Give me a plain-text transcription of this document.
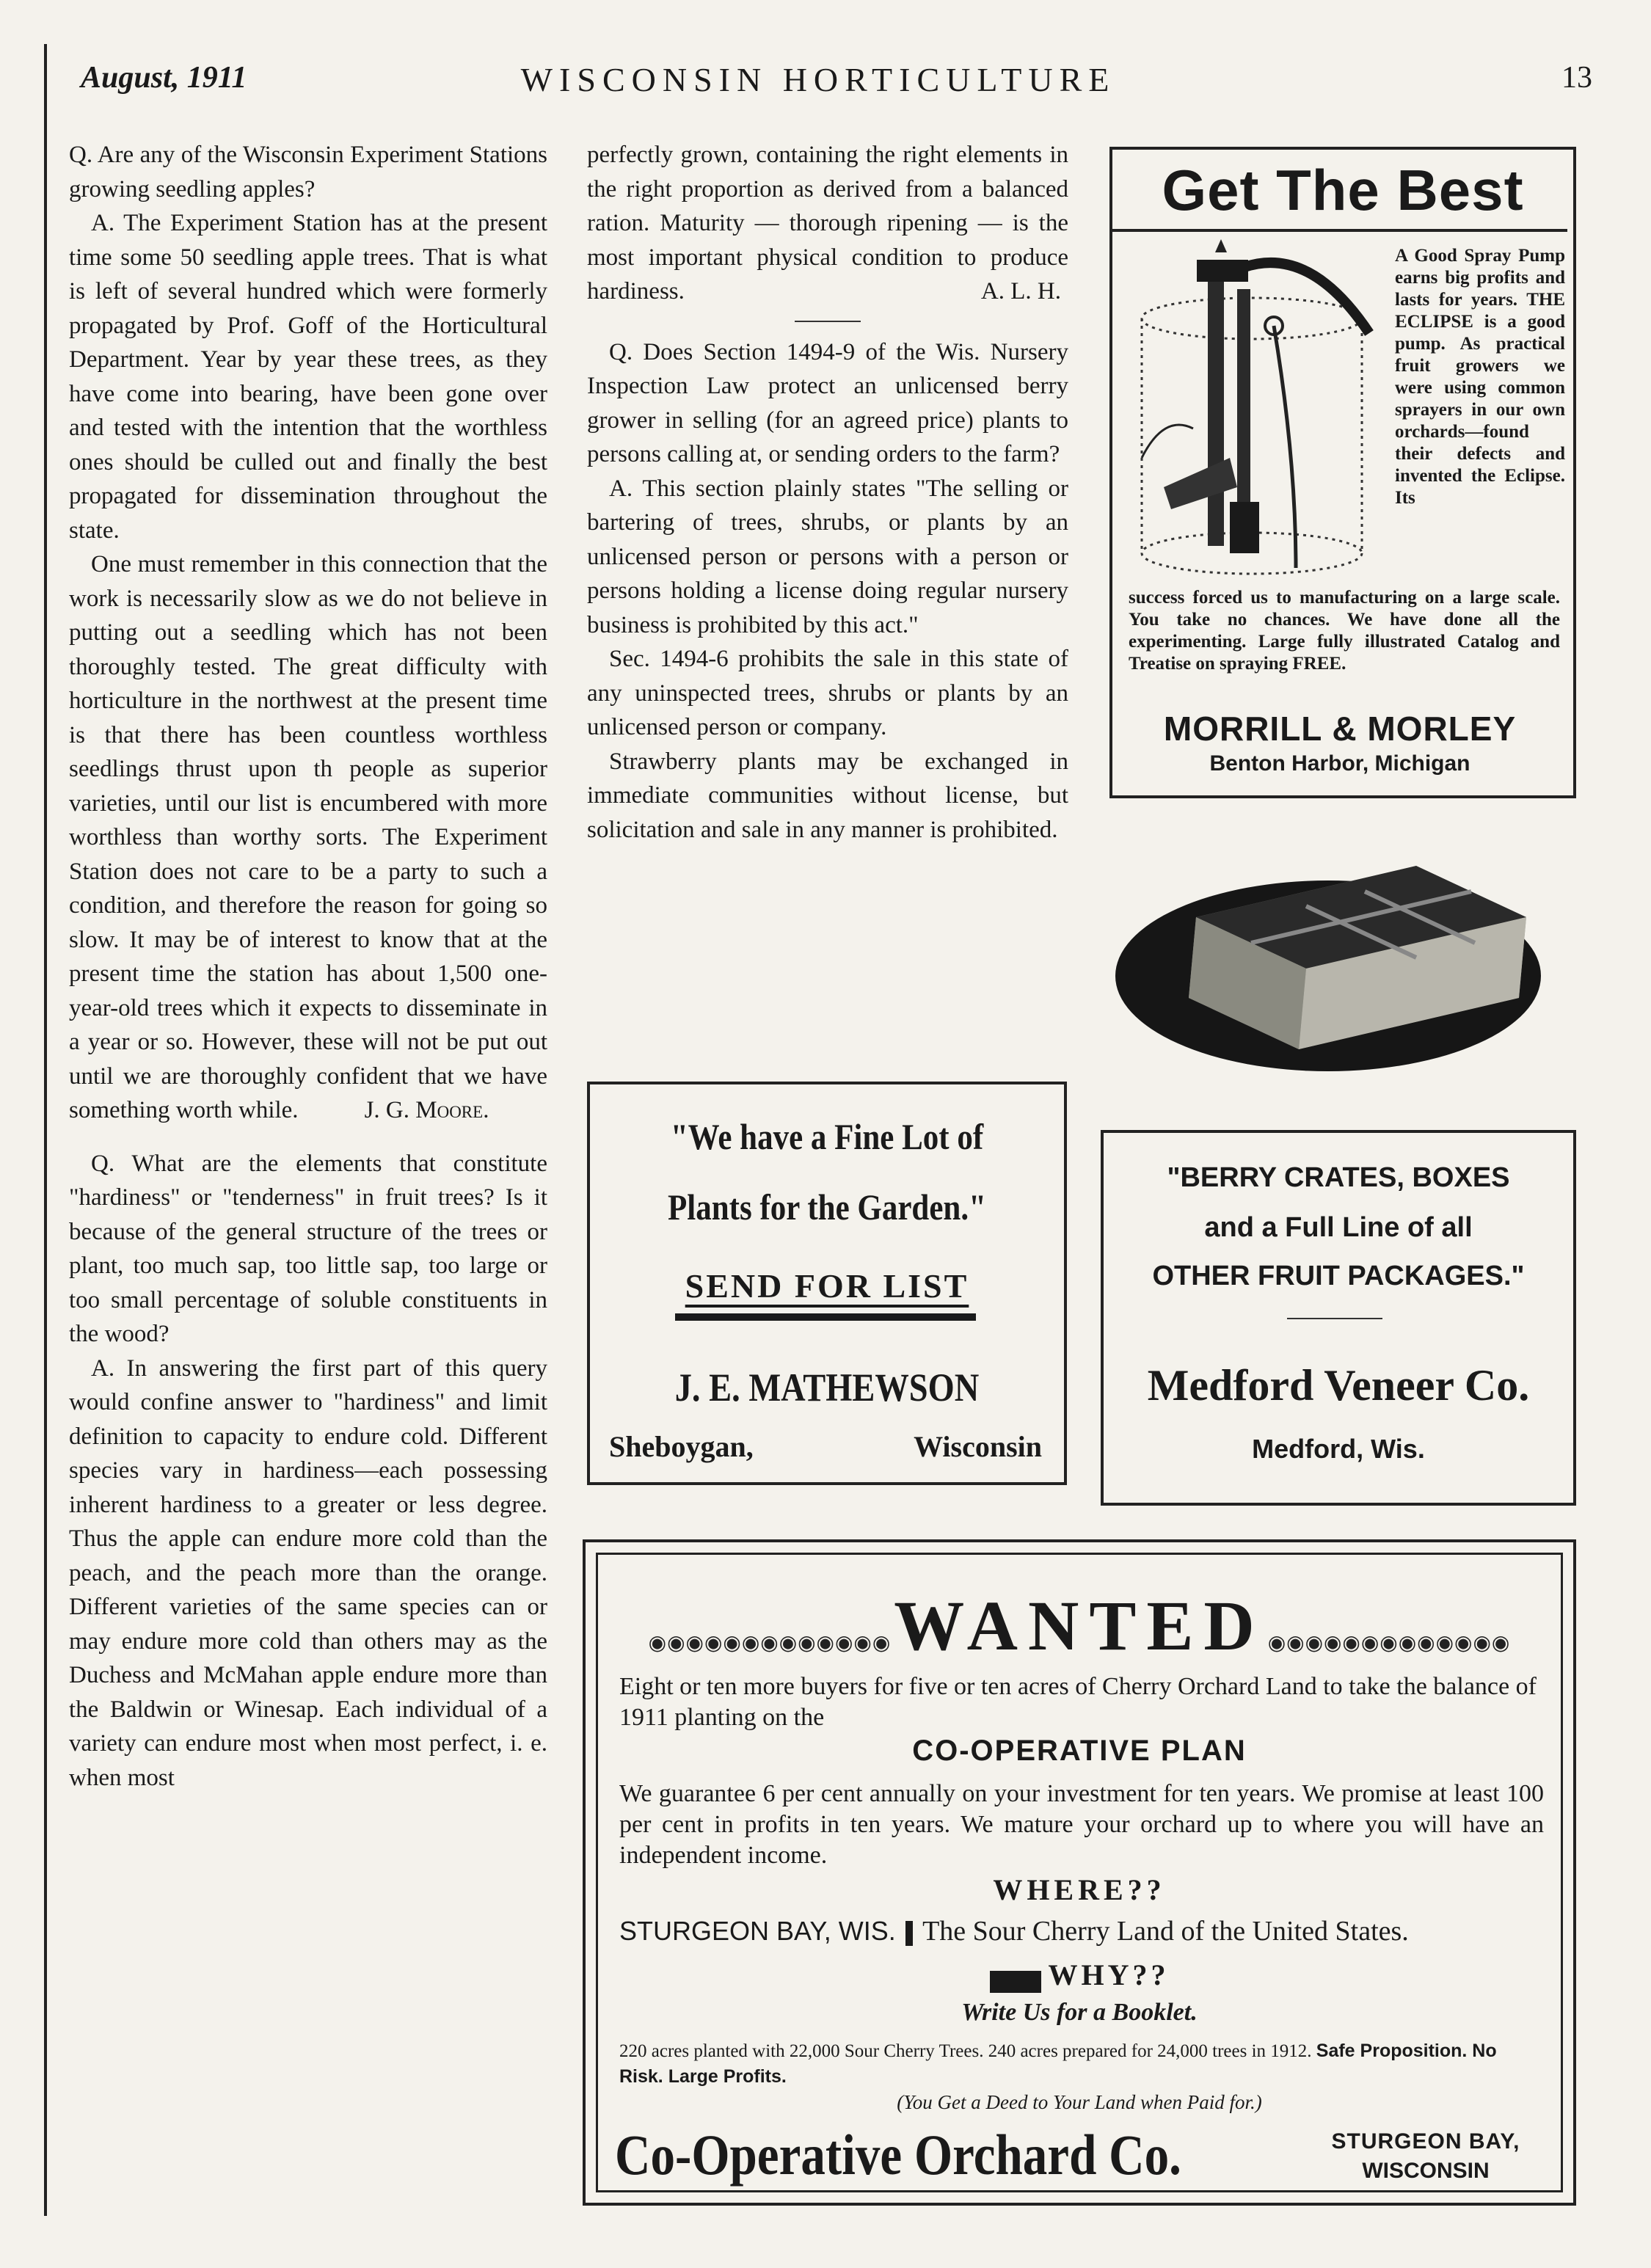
August, 1911	WISCONSIN HORTICULTURE	13

Q. Are any of the Wisconsin Experiment Stations growing seedling apples?

A. The Experiment Station has at the present time some 50 seedling apple trees. That is what is left of several hundred which were formerly propagated by Prof. Goff of the Horticultural Department. Year by year these trees, as they have come into bearing, have been gone over and tested with the intention that the worthless ones should be culled out and finally the best propagated for dissemination throughout the state.

One must remember in this connection that the work is necessarily slow as we do not believe in putting out a seedling which has not been thoroughly tested. The great difficulty with horticulture in the northwest at the present time is that there has been countless worthless seedlings thrust upon th people as superior varieties, until our list is encumbered with more worthless than worthy sorts. The Experiment Station does not care to be a party to such a condition, and therefore the reason for going so slow. It may be of interest to know that at the present time the station has about 1,500 one-year-old trees which it expects to disseminate in a year or so. However, these will not be put out until we are thoroughly confident that we have something worth while.	J. G. Moore.

Q. What are the elements that constitute "hardiness" or "tenderness" in fruit trees? Is it because of the general structure of the trees or plant, too much sap, too little sap, too large or too small percentage of soluble constituents in the wood?

A. In answering the first part of this query would confine answer to "hardiness" and limit definition to capacity to endure cold. Different species vary in hardiness—each possessing inherent hardiness to a greater or less degree. Thus the apple can endure more cold than the peach, and the peach more than the orange. Different varieties of the same species can or may endure more cold than others may as the Duchess and McMahan apple endure more than the Baldwin or Winesap. Each individual of a variety can endure most when most perfect, i. e. when most

perfectly grown, containing the right elements in the right proportion as derived from a balanced ration. Maturity — thorough ripening — is the most important physical condition to produce hardiness.	A. L. H.

Q. Does Section 1494-9 of the Wis. Nursery Inspection Law protect an unlicensed berry grower in selling (for an agreed price) plants to persons calling at, or sending orders to the farm?

A. This section plainly states "The selling or bartering of trees, shrubs, or plants by an unlicensed person or persons with a person or persons holding a license doing regular nursery business is prohibited by this act."

Sec. 1494-6 prohibits the sale in this state of any uninspected trees, shrubs or plants by an unlicensed person or company.

Strawberry plants may be exchanged in immediate communities without license, but solicitation and sale in any manner is prohibited.

Get The Best
A Good Spray Pump earns big profits and lasts for years. THE ECLIPSE is a good pump. As practical fruit growers we were using common sprayers in our own orchards—found their defects and invented the Eclipse. Its
success forced us to manufacturing on a large scale. You take no chances. We have done all the experimenting. Large fully illustrated Catalog and Treatise on spraying FREE.
MORRILL & MORLEY
Benton Harbor, Michigan
"We have a Fine Lot of
Plants for the Garden."
SEND FOR LIST
J. E. MATHEWSON
Sheboygan,	Wisconsin
"BERRY CRATES, BOXES
and a Full Line of all
OTHER FRUIT PACKAGES."
Medford Veneer Co.
Medford, Wis.
◉◉◉◉◉◉◉◉◉◉◉◉◉ WANTED ◉◉◉◉◉◉◉◉◉◉◉◉◉
Eight or ten more buyers for five or ten acres of Cherry Orchard Land to take the balance of 1911 planting on the
CO-OPERATIVE PLAN
We guarantee 6 per cent annually on your investment for ten years. We promise at least 100 per cent in profits in ten years. We mature your orchard up to where you will have an independent income.
WHERE??
STURGEON BAY, WIS. The Sour Cherry Land of the United States.
WHY??
Write Us for a Booklet.
220 acres planted with 22,000 Sour Cherry Trees. 240 acres prepared for 24,000 trees in 1912. Safe Proposition. No Risk. Large Profits.
(You Get a Deed to Your Land when Paid for.)
Co-Operative Orchard Co.	STURGEON BAY,
WISCONSIN
